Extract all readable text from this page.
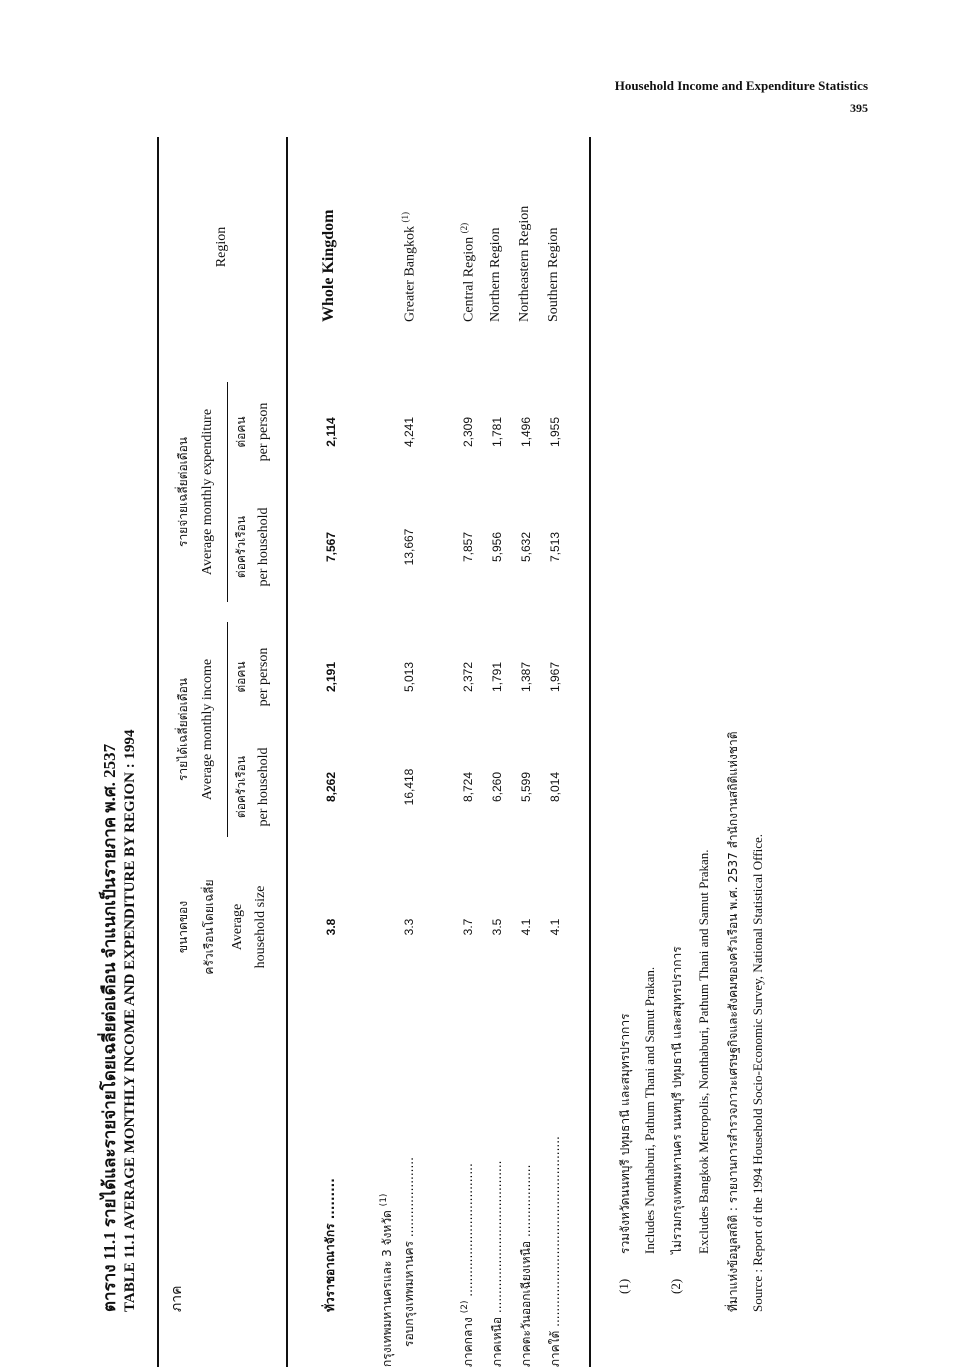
Household Income and Expenditure Statistics
395
ตาราง 11.1 รายได้และรายจ่ายโดยเฉลี่ยต่อเดือน จำแนกเป็นรายภาค พ.ศ. 2537 TABLE 11.1 AVERAGE MONTHLY INCOME AND EXPENDITURE BY REGION : 1994 ภาค
ขนาดของ ครัวเรือนโดยเฉลี่ย Average household size
รายได้เฉลี่ยต่อเดือน Average monthly income ต่อครัวเรือน
ต่อคน
per household
per person
รายจ่ายเฉลี่ยต่อเดือน Average monthly expenditure ต่อครัวเรือน
ต่อคน
per household
per person
Region
ทั่วราชอาณาจักร .........
3.8
8,262
2,191
7,567
2,114
Whole Kingdom
กรุงเทพมหานครและ 3 จังหวัด $^{(1)}$
รอบกรุงเทพมหานคร .....................
3.3
16,418
5,013
13,667
4,241
Greater Bangkok $^{(1)}$
ภาคกลาง $^{(2)}$ ...................................
3.7
8,724
2,372
7,857
2,309
Central Region $^{(2)}$
ภาคเหนือ ........................................
3.5
6,260
1,791
5,956
1,781
Northern Region
ภาคตะวันออกเฉียงเหนือ ...................
4.1
5,599
1,387
5,632
1,496
Northeastern Region
ภาคใต้ ..................................................
4.1
8,014
1,967
7,513
1,955
Southern Region
(1)
รวมจังหวัดนนทบุรี ปทุมธานี และสมุทรปราการ Includes Nonthaburi, Pathum Thani and Samut Prakan.
(2)
ไม่รวมกรุงเทพมหานคร นนทบุรี ปทุมธานี และสมุทรปราการ Excludes Bangkok Metropolis, Nonthaburi, Pathum Thani and Samut Prakan. ที่มาแห่งข้อมูลสถิติ : รายงานการสำรวจภาวะเศรษฐกิจและสังคมของครัวเรือน พ.ศ. 2537 สำนักงานสถิติแห่งชาติ Source : Report of the 1994 Household Socio-Economic Survey, National Statistical Office.
